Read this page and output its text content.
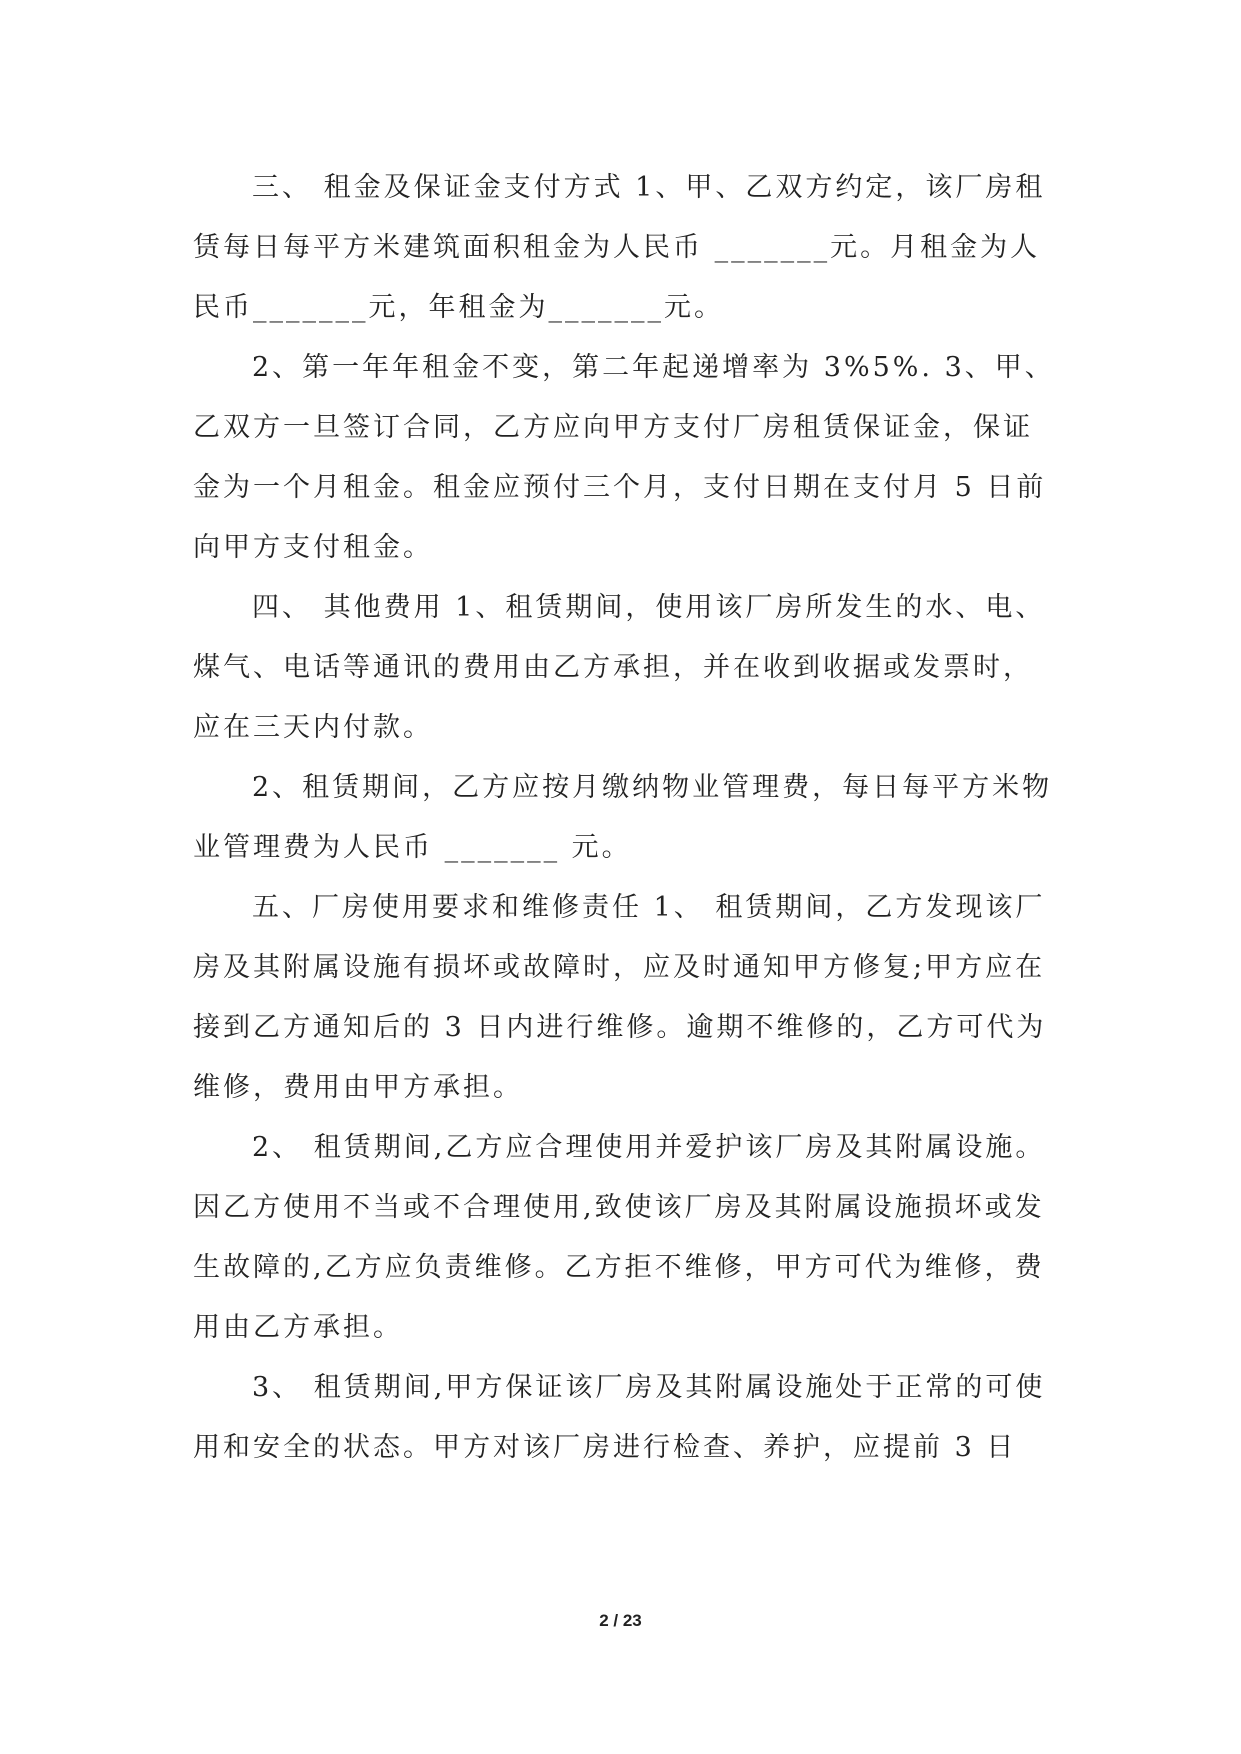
三、 租金及保证金支付方式 1、甲、乙双方约定，该厂房租赁每日每平方米建筑面积租金为人民币 _______元。月租金为人民币_______元，年租金为_______元。

2、第一年年租金不变，第二年起递增率为 3%5%. 3、甲、乙双方一旦签订合同，乙方应向甲方支付厂房租赁保证金，保证金为一个月租金。租金应预付三个月，支付日期在支付月 5 日前向甲方支付租金。

四、 其他费用 1、租赁期间，使用该厂房所发生的水、电、煤气、电话等通讯的费用由乙方承担，并在收到收据或发票时，应在三天内付款。

2、租赁期间，乙方应按月缴纳物业管理费，每日每平方米物业管理费为人民币 _______ 元。

五、厂房使用要求和维修责任 1、 租赁期间，乙方发现该厂房及其附属设施有损坏或故障时，应及时通知甲方修复;甲方应在接到乙方通知后的 3 日内进行维修。逾期不维修的，乙方可代为维修，费用由甲方承担。

2、 租赁期间,乙方应合理使用并爱护该厂房及其附属设施。因乙方使用不当或不合理使用,致使该厂房及其附属设施损坏或发生故障的,乙方应负责维修。乙方拒不维修，甲方可代为维修，费用由乙方承担。

3、 租赁期间,甲方保证该厂房及其附属设施处于正常的可使用和安全的状态。甲方对该厂房进行检查、养护，应提前 3 日

2 / 23
